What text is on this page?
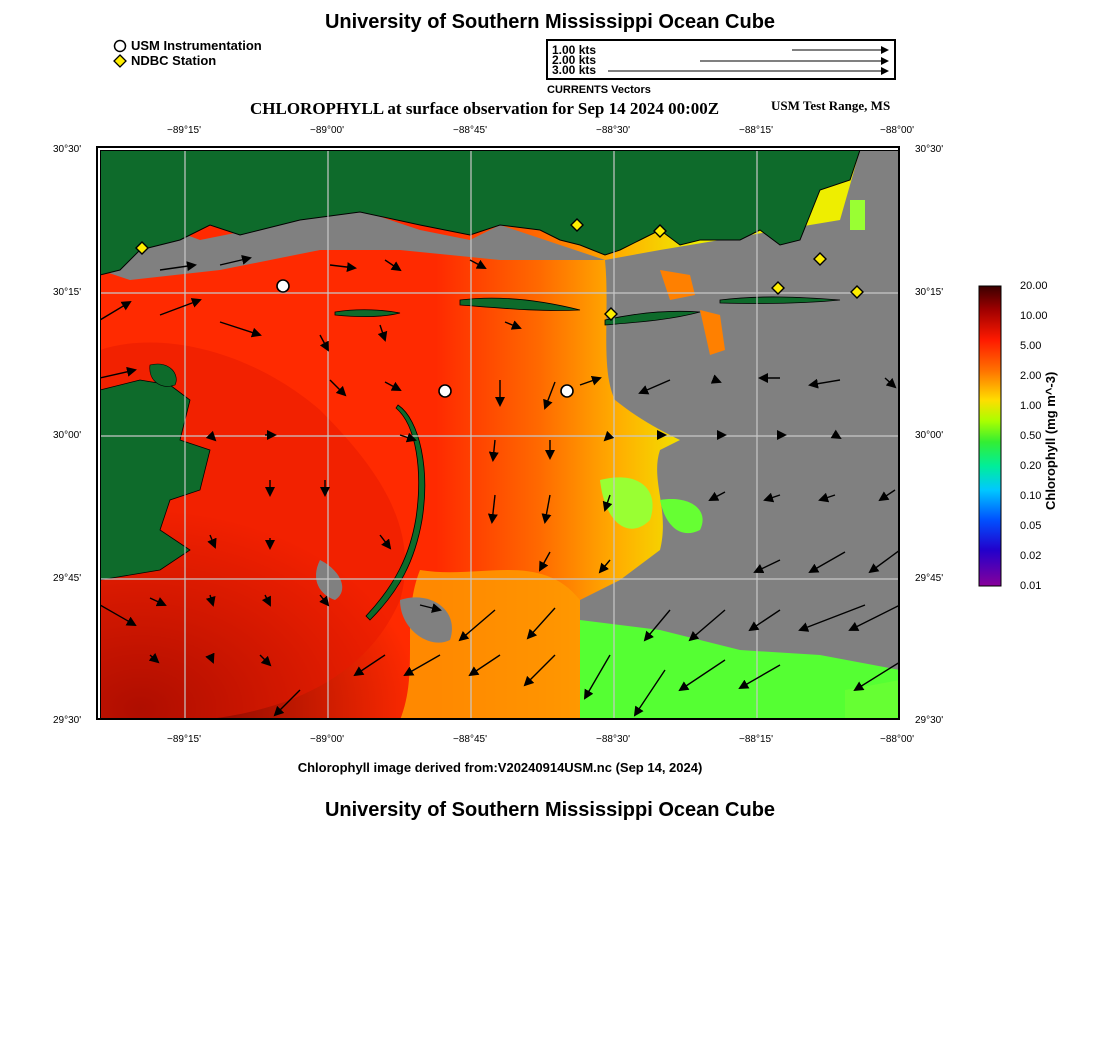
University of Southern Mississippi Ocean Cube
USM Instrumentation
NDBC Station
1.00 kts
2.00 kts
3.00 kts
CURRENTS Vectors
CHLOROPHYLL at surface observation for Sep 14 2024 00:00Z	USM Test Range, MS
−89°15'	−89°00'	−88°45'	−88°30'	−88°15'	−88°00'
−89°15'	−89°00'	−88°45'	−88°30'	−88°15'	−88°00'
30°30'
30°15'
30°00'
29°45'
29°30'
30°30'
30°15'
30°00'
29°45'
29°30'
20.00
10.00
5.00
2.00
1.00
0.50
0.20
0.10
0.05
0.02
0.01
Chlorophyll (mg m^-3)
Chlorophyll image derived from:V20240914USM.nc (Sep 14, 2024)
University of Southern Mississippi Ocean Cube
